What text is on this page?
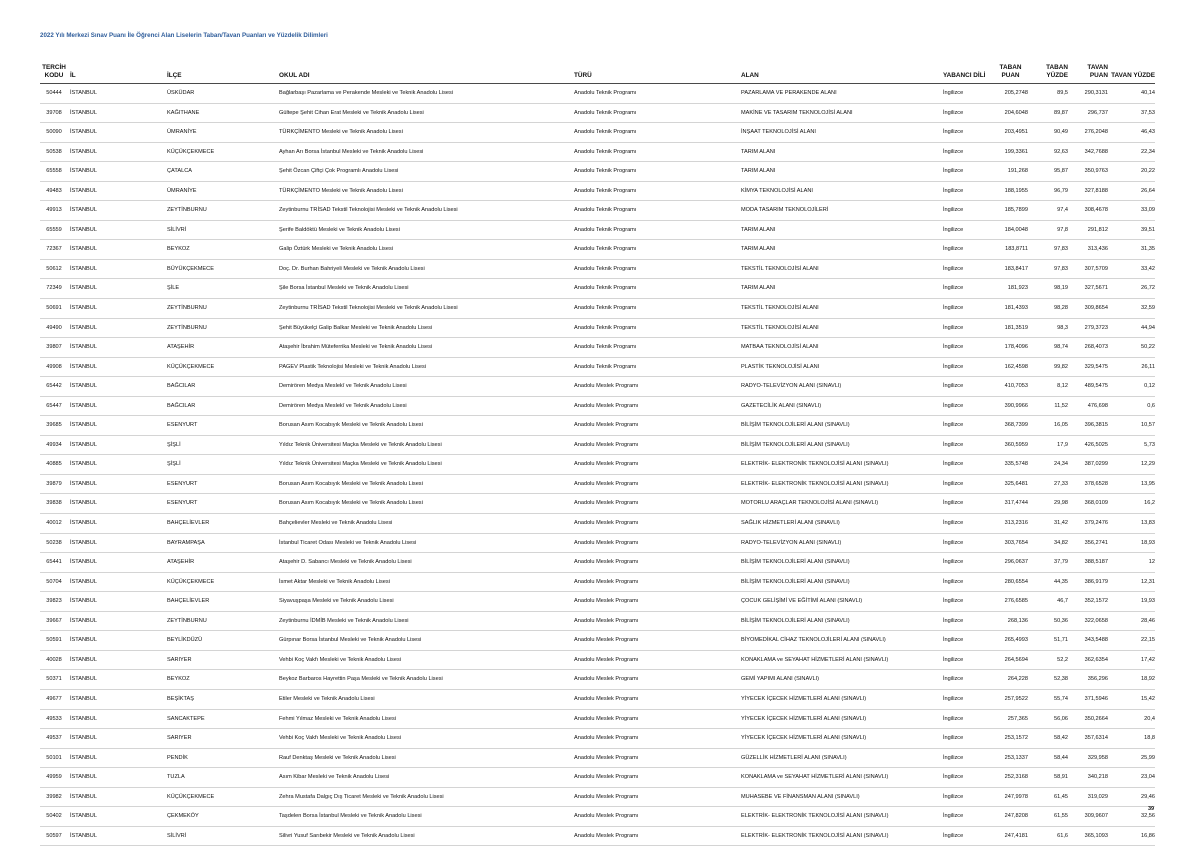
2022 Yılı Merkezi Sınav Puanı İle Öğrenci Alan Liselerin Taban/Tavan Puanları ve Yüzdelik Dilimleri
TERCİH KODU	İL	İLÇE	OKUL ADI	TÜRÜ	ALAN	YABANCI DİLİ	TABAN PUAN	TABAN YÜZDE	TAVAN PUAN	TAVAN YÜZDE
50444	İSTANBUL	ÜSKÜDAR	Bağlarbaşı Pazarlama ve Perakende Mesleki ve Teknik Anadolu Lisesi	Anadolu Teknik Programı	PAZARLAMA VE PERAKENDE ALANI	İngilizce	205,2748	89,5	290,3131	40,14
39708	İSTANBUL	KAĞITHANE	Gültepe Şehit Cihan Erat Mesleki ve Teknik Anadolu Lisesi	Anadolu Teknik Programı	MAKİNE VE TASARIM TEKNOLOJİSİ ALANI	İngilizce	204,6048	89,87	296,737	37,53
50090	İSTANBUL	ÜMRANİYE	TÜRKÇİMENTO Mesleki ve Teknik Anadolu Lisesi	Anadolu Teknik Programı	İNŞAAT TEKNOLOJİSİ ALANI	İngilizce	203,4951	90,49	276,2048	46,43
50538	İSTANBUL	KÜÇÜKÇEKMECE	Ayhan Arı Borsa İstanbul Mesleki ve Teknik Anadolu Lisesi	Anadolu Teknik Programı	TARIM ALANI	İngilizce	199,3361	92,63	342,7688	22,34
65558	İSTANBUL	ÇATALCA	Şehit Özcan Çiftçi Çok Programlı Anadolu Lisesi	Anadolu Teknik Programı	TARIM ALANI	İngilizce	191,268	95,87	350,9763	20,22
49483	İSTANBUL	ÜMRANİYE	TÜRKÇİMENTO Mesleki ve Teknik Anadolu Lisesi	Anadolu Teknik Programı	KİMYA TEKNOLOJİSİ ALANI	İngilizce	188,1955	96,79	327,8188	26,64
49913	İSTANBUL	ZEYTİNBURNU	Zeytinburnu TRİSAD Tekstil Teknolojisi Mesleki ve Teknik Anadolu Lisesi	Anadolu Teknik Programı	MODA TASARIM TEKNOLOJİLERİ	İngilizce	185,7899	97,4	308,4678	33,09
65559	İSTANBUL	SİLİVRİ	Şerife Baldöktü Mesleki ve Teknik Anadolu Lisesi	Anadolu Teknik Programı	TARIM ALANI	İngilizce	184,0048	97,8	291,812	39,51
72367	İSTANBUL	BEYKOZ	Galip Öztürk Mesleki ve Teknik Anadolu Lisesi	Anadolu Teknik Programı	TARIM ALANI	İngilizce	183,8711	97,83	313,436	31,35
50612	İSTANBUL	BÜYÜKÇEKMECE	Doç. Dr. Burhan Bahriyeli Mesleki ve Teknik Anadolu Lisesi	Anadolu Teknik Programı	TEKSTİL TEKNOLOJİSİ ALANI	İngilizce	183,8417	97,83	307,5709	33,42
72349	İSTANBUL	ŞİLE	Şile Borsa İstanbul Mesleki ve Teknik Anadolu Lisesi	Anadolu Teknik Programı	TARIM ALANI	İngilizce	181,923	98,19	327,5671	26,72
50691	İSTANBUL	ZEYTİNBURNU	Zeytinburnu TRİSAD Tekstil Teknolojisi Mesleki ve Teknik Anadolu Lisesi	Anadolu Teknik Programı	TEKSTİL TEKNOLOJİSİ ALANI	İngilizce	181,4393	98,28	309,8654	32,59
49490	İSTANBUL	ZEYTİNBURNU	Şehit Büyükelçi Galip Balkar Mesleki ve Teknik Anadolu Lisesi	Anadolu Teknik Programı	TEKSTİL TEKNOLOJİSİ ALANI	İngilizce	181,3519	98,3	279,3723	44,94
39807	İSTANBUL	ATAŞEHİR	Ataşehir İbrahim Müteferrika Mesleki ve Teknik Anadolu Lisesi	Anadolu Teknik Programı	MATBAA TEKNOLOJİSİ ALANI	İngilizce	178,4096	98,74	268,4073	50,22
49908	İSTANBUL	KÜÇÜKÇEKMECE	PAGEV Plastik Teknolojisi Mesleki ve Teknik Anadolu Lisesi	Anadolu Teknik Programı	PLASTİK TEKNOLOJİSİ ALANI	İngilizce	162,4598	99,82	329,5475	26,11
65442	İSTANBUL	BAĞCILAR	Demirören Medya Meslekî ve Teknik Anadolu Lisesi	Anadolu Meslek Programı	RADYO-TELEVİZYON ALANI (SINAVLI)	İngilizce	410,7053	8,12	489,5475	0,12
65447	İSTANBUL	BAĞCILAR	Demirören Medya Meslekî ve Teknik Anadolu Lisesi	Anadolu Meslek Programı	GAZETECİLİK ALANI (SINAVLI)	İngilizce	390,9966	11,52	476,698	0,6
39685	İSTANBUL	ESENYURT	Borusan Asım Kocabıyık Mesleki ve Teknik Anadolu Lisesi	Anadolu Meslek Programı	BİLİŞİM TEKNOLOJİLERİ ALANI (SINAVLI)	İngilizce	368,7399	16,05	396,3815	10,57
49934	İSTANBUL	ŞİŞLİ	Yıldız Teknik Üniversitesi Maçka Mesleki ve Teknik Anadolu Lisesi	Anadolu Meslek Programı	BİLİŞİM TEKNOLOJİLERİ ALANI (SINAVLI)	İngilizce	360,5959	17,9	426,5025	5,73
40885	İSTANBUL	ŞİŞLİ	Yıldız Teknik Üniversitesi Maçka Mesleki ve Teknik Anadolu Lisesi	Anadolu Meslek Programı	ELEKTRİK- ELEKTRONİK TEKNOLOJİSİ ALANI (SINAVLI)	İngilizce	335,5748	24,34	387,0299	12,29
39879	İSTANBUL	ESENYURT	Borusan Asım Kocabıyık Mesleki ve Teknik Anadolu Lisesi	Anadolu Meslek Programı	ELEKTRİK- ELEKTRONİK TEKNOLOJİSİ ALANI (SINAVLI)	İngilizce	325,6481	27,33	378,6528	13,95
39838	İSTANBUL	ESENYURT	Borusan Asım Kocabıyık Mesleki ve Teknik Anadolu Lisesi	Anadolu Meslek Programı	MOTORLU ARAÇLAR TEKNOLOJİSİ ALANI (SINAVLI)	İngilizce	317,4744	29,98	368,0109	16,2
40012	İSTANBUL	BAHÇELİEVLER	Bahçelievler Mesleki ve Teknik Anadolu Lisesi	Anadolu Meslek Programı	SAĞLIK HİZMETLERİ ALANI (SINAVLI)	İngilizce	313,2316	31,42	379,2476	13,83
50238	İSTANBUL	BAYRAMPAŞA	İstanbul Ticaret Odası Mesleki ve Teknik Anadolu Lisesi	Anadolu Meslek Programı	RADYO-TELEVİZYON ALANI (SINAVLI)	İngilizce	303,7654	34,82	356,2741	18,93
65441	İSTANBUL	ATAŞEHİR	Ataşehir D. Sabancı Mesleki ve Teknik Anadolu Lisesi	Anadolu Meslek Programı	BİLİŞİM TEKNOLOJİLERİ ALANI (SINAVLI)	İngilizce	296,0637	37,79	388,5187	12
50704	İSTANBUL	KÜÇÜKÇEKMECE	İsmet Aktar Mesleki ve Teknik Anadolu Lisesi	Anadolu Meslek Programı	BİLİŞİM TEKNOLOJİLERİ ALANI (SINAVLI)	İngilizce	280,6554	44,35	386,9179	12,31
39823	İSTANBUL	BAHÇELİEVLER	Siyavuşpaşa Mesleki ve Teknik Anadolu Lisesi	Anadolu Meslek Programı	ÇOCUK GELİŞİMİ VE EĞİTİMİ ALANI (SINAVLI)	İngilizce	276,6585	46,7	352,1572	19,93
39667	İSTANBUL	ZEYTİNBURNU	Zeytinburnu İDMİB Mesleki ve Teknik Anadolu Lisesi	Anadolu Meslek Programı	BİLİŞİM TEKNOLOJİLERİ ALANI (SINAVLI)	İngilizce	268,136	50,36	322,0658	28,46
50591	İSTANBUL	BEYLİKDÜZÜ	Gürpınar Borsa İstanbul Mesleki ve Teknik Anadolu Lisesi	Anadolu Meslek Programı	BİYOMEDİKAL CİHAZ TEKNOLOJİLERİ ALANI (SINAVLI)	İngilizce	265,4993	51,71	343,5488	22,15
40028	İSTANBUL	SARIYER	Vehbi Koç Vakfı Mesleki ve Teknik Anadolu Lisesi	Anadolu Meslek Programı	KONAKLAMA ve SEYAHAT HİZMETLERİ ALANI (SINAVLI)	İngilizce	264,5694	52,2	362,6354	17,42
50371	İSTANBUL	BEYKOZ	Beykoz Barbaros Hayrettin Paşa Mesleki ve Teknik Anadolu Lisesi	Anadolu Meslek Programı	GEMİ YAPIMI ALANI (SINAVLI)	İngilizce	264,228	52,38	356,296	18,92
49677	İSTANBUL	BEŞİKTAŞ	Etiler Mesleki ve Teknik Anadolu Lisesi	Anadolu Meslek Programı	YİYECEK İÇECEK HİZMETLERİ ALANI (SINAVLI)	İngilizce	257,9522	55,74	371,5946	15,42
49533	İSTANBUL	SANCAKTEPE	Fehmi Yılmaz Mesleki ve Teknik Anadolu Lisesi	Anadolu Meslek Programı	YİYECEK İÇECEK HİZMETLERİ ALANI (SINAVLI)	İngilizce	257,365	56,06	350,2664	20,4
49537	İSTANBUL	SARIYER	Vehbi Koç Vakfı Mesleki ve Teknik Anadolu Lisesi	Anadolu Meslek Programı	YİYECEK İÇECEK HİZMETLERİ ALANI (SINAVLI)	İngilizce	253,1572	58,42	357,6314	18,8
50101	İSTANBUL	PENDİK	Rauf Denktaş Mesleki ve Teknik Anadolu Lisesi	Anadolu Meslek Programı	GÜZELLİK HİZMETLERİ ALANI (SINAVLI)	İngilizce	253,1337	58,44	329,958	25,99
49959	İSTANBUL	TUZLA	Asım Kibar Mesleki ve Teknik Anadolu Lisesi	Anadolu Meslek Programı	KONAKLAMA ve SEYAHAT HİZMETLERİ ALANI (SINAVLI)	İngilizce	252,3168	58,91	340,218	23,04
39982	İSTANBUL	KÜÇÜKÇEKMECE	Zehra Mustafa Dalgıç Dış Ticaret Mesleki ve Teknik Anadolu Lisesi	Anadolu Meslek Programı	MUHASEBE VE FİNANSMAN ALANI (SINAVLI)	İngilizce	247,9978	61,45	319,029	29,46
50402	İSTANBUL	ÇEKMEKÖY	Taşdelen Borsa İstanbul Mesleki ve Teknik Anadolu Lisesi	Anadolu Meslek Programı	ELEKTRİK- ELEKTRONİK TEKNOLOJİSİ ALANI (SINAVLI)	İngilizce	247,8208	61,55	309,9607	32,56
50597	İSTANBUL	SİLİVRİ	Silivri Yusuf Sarıbekir Mesleki ve Teknik Anadolu Lisesi	Anadolu Meslek Programı	ELEKTRİK- ELEKTRONİK TEKNOLOJİSİ ALANI (SINAVLI)	İngilizce	247,4181	61,6	365,1093	16,86
39
